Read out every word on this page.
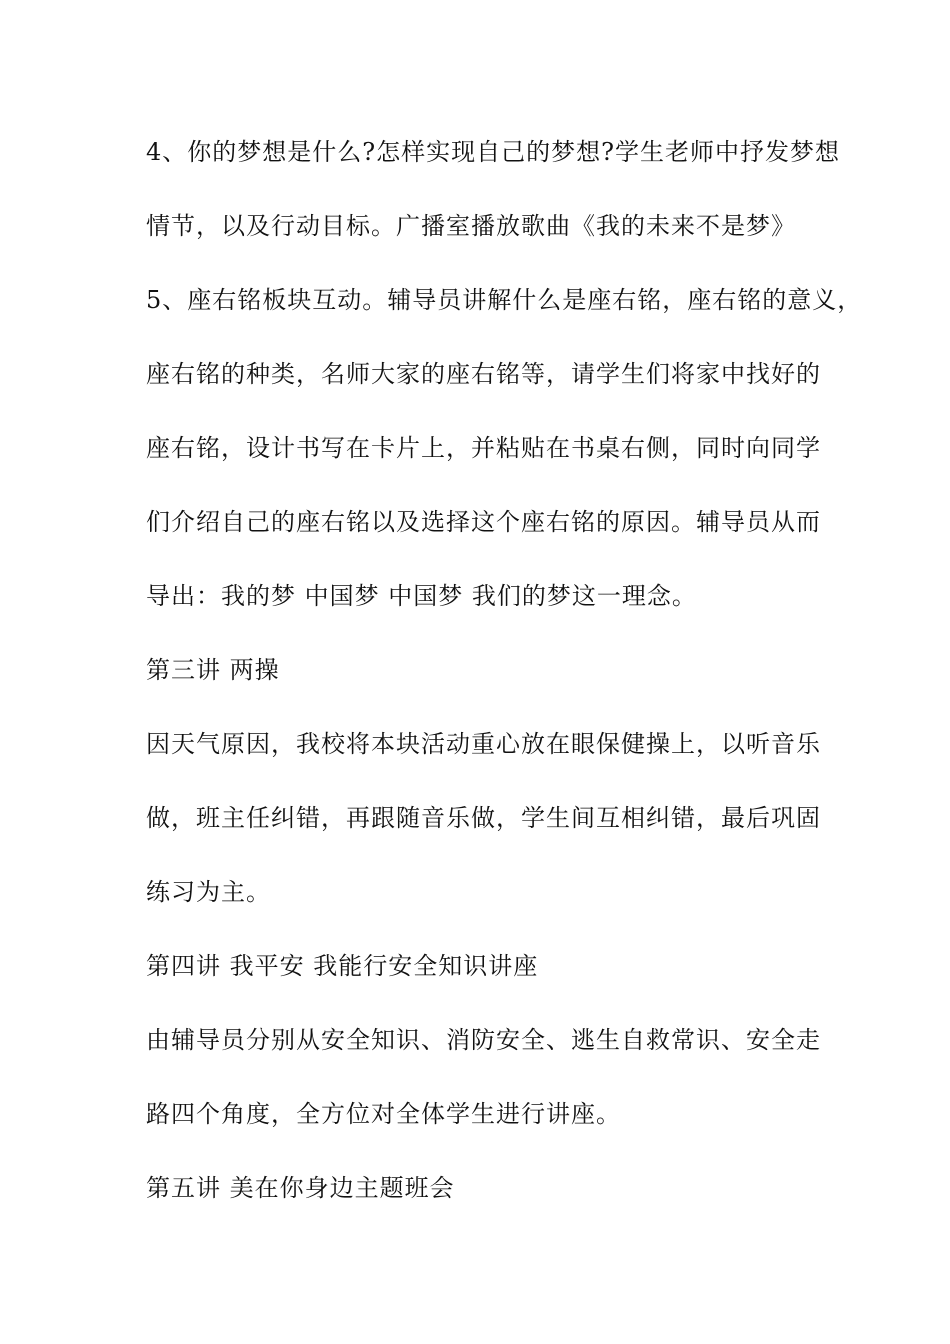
4、你的梦想是什么?怎样实现自己的梦想?学生老师中抒发梦想
情节，以及行动目标。广播室播放歌曲《我的未来不是梦》
5、座右铭板块互动。辅导员讲解什么是座右铭，座右铭的意义，
座右铭的种类，名师大家的座右铭等，请学生们将家中找好的
座右铭，设计书写在卡片上，并粘贴在书桌右侧，同时向同学
们介绍自己的座右铭以及选择这个座右铭的原因。辅导员从而
导出：我的梦 中国梦 中国梦 我们的梦这一理念。
第三讲 两操
因天气原因，我校将本块活动重心放在眼保健操上，以听音乐
做，班主任纠错，再跟随音乐做，学生间互相纠错，最后巩固
练习为主。
第四讲 我平安 我能行安全知识讲座
由辅导员分别从安全知识、消防安全、逃生自救常识、安全走
路四个角度，全方位对全体学生进行讲座。
第五讲 美在你身边主题班会
